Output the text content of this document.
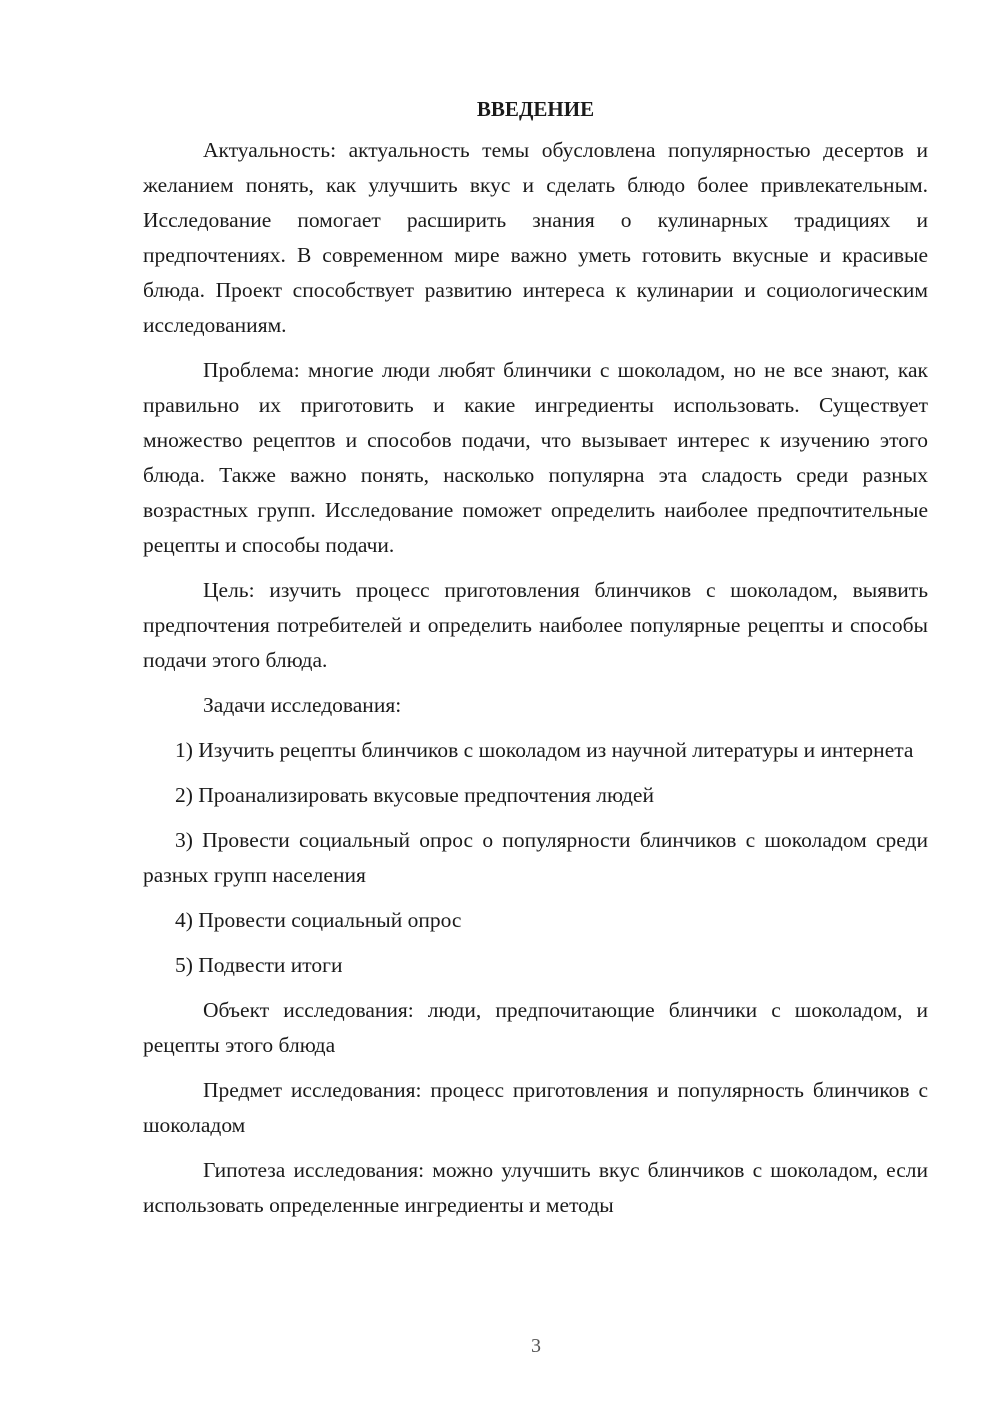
ВВЕДЕНИЕ

Актуальность: актуальность темы обусловлена популярностью десертов и желанием понять, как улучшить вкус и сделать блюдо более привлекательным. Исследование помогает расширить знания о кулинарных традициях и предпочтениях. В современном мире важно уметь готовить вкусные и красивые блюда. Проект способствует развитию интереса к кулинарии и социологическим исследованиям.

Проблема: многие люди любят блинчики с шоколадом, но не все знают, как правильно их приготовить и какие ингредиенты использовать. Существует множество рецептов и способов подачи, что вызывает интерес к изучению этого блюда. Также важно понять, насколько популярна эта сладость среди разных возрастных групп. Исследование поможет определить наиболее предпочтительные рецепты и способы подачи.

Цель: изучить процесс приготовления блинчиков с шоколадом, выявить предпочтения потребителей и определить наиболее популярные рецепты и способы подачи этого блюда.

Задачи исследования:

1) Изучить рецепты блинчиков с шоколадом из научной литературы и интернета

2) Проанализировать вкусовые предпочтения людей

3) Провести социальный опрос о популярности блинчиков с шоколадом среди разных групп населения

4) Провести социальный опрос

5) Подвести итоги

Объект исследования: люди, предпочитающие блинчики с шоколадом, и рецепты этого блюда

Предмет исследования: процесс приготовления и популярность блинчиков с шоколадом

Гипотеза исследования: можно улучшить вкус блинчиков с шоколадом, если использовать определенные ингредиенты и методы

3
